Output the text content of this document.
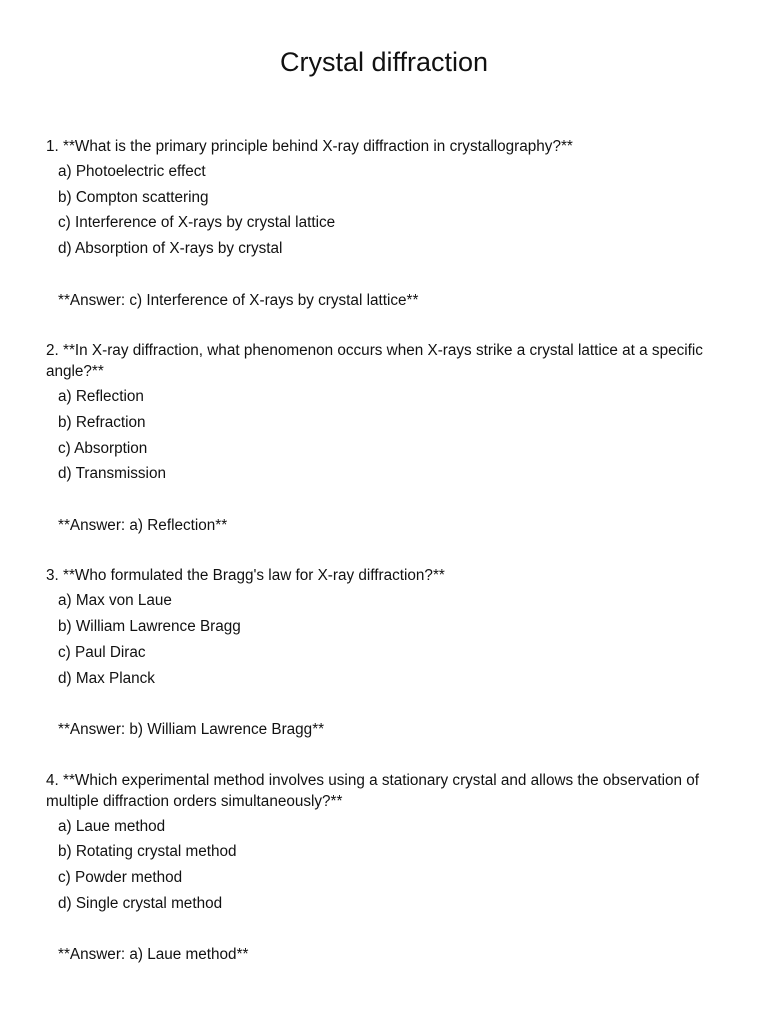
Crystal diffraction

1. **What is the primary principle behind X-ray diffraction in crystallography?**

a) Photoelectric effect

b) Compton scattering

c) Interference of X-rays by crystal lattice

d) Absorption of X-rays by crystal

**Answer: c) Interference of X-rays by crystal lattice**

2. **In X-ray diffraction, what phenomenon occurs when X-rays strike a crystal lattice at a specific angle?**

a) Reflection

b) Refraction

c) Absorption

d) Transmission

**Answer: a) Reflection**

3. **Who formulated the Bragg's law for X-ray diffraction?**

a) Max von Laue

b) William Lawrence Bragg

c) Paul Dirac

d) Max Planck

**Answer: b) William Lawrence Bragg**

4. **Which experimental method involves using a stationary crystal and allows the observation of multiple diffraction orders simultaneously?**

a) Laue method

b) Rotating crystal method

c) Powder method

d) Single crystal method

**Answer: a) Laue method**
